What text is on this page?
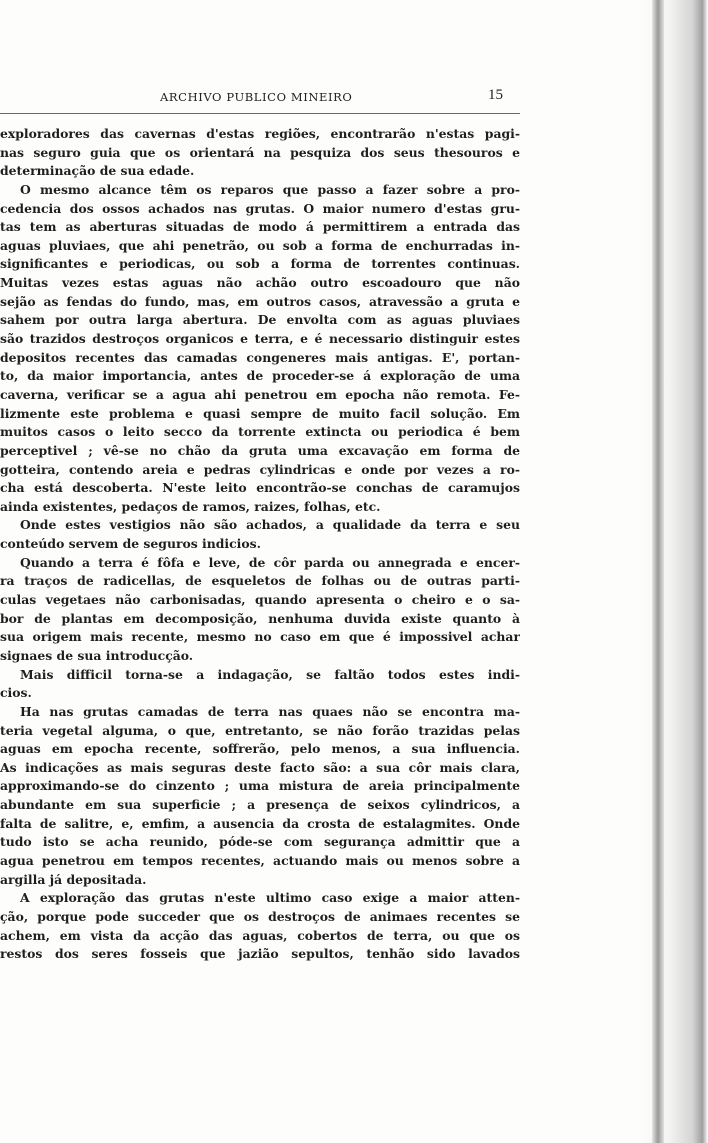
ARCHIVO PUBLICO MINEIRO	15
exploradores das cavernas d'estas regiões, encontrarão n'estas pagi-
nas seguro guia que os orientará na pesquiza dos seus thesouros e
determinação de sua edade.
O mesmo alcance têm os reparos que passo a fazer sobre a pro-
cedencia dos ossos achados nas grutas. O maior numero d'estas gru-
tas tem as aberturas situadas de modo á permittirem a entrada das
aguas pluviaes, que ahi penetrão, ou sob a forma de enchurradas in-
significantes e periodicas, ou sob a forma de torrentes continuas.
Muitas vezes estas aguas não achão outro escoadouro que não
sejão as fendas do fundo, mas, em outros casos, atravessão a gruta e
sahem por outra larga abertura. De envolta com as aguas pluviaes
são trazidos destroços organicos e terra, e é necessario distinguir estes
depositos recentes das camadas congeneres mais antigas. E', portan-
to, da maior importancia, antes de proceder-se á exploração de uma
caverna, verificar se a agua ahi penetrou em epocha não remota. Fe-
lizmente este problema e quasi sempre de muito facil solução. Em
muitos casos o leito secco da torrente extincta ou periodica é bem
perceptivel ; vê-se no chão da gruta uma excavação em forma de
gotteira, contendo areia e pedras cylindricas e onde por vezes a ro-
cha está descoberta. N'este leito encontrão-se conchas de caramujos
ainda existentes, pedaços de ramos, raizes, folhas, etc.
Onde estes vestigios não são achados, a qualidade da terra e seu
conteúdo servem de seguros indicios.
Quando a terra é fôfa e leve, de côr parda ou annegrada e encer-
ra traços de radicellas, de esqueletos de folhas ou de outras parti-
culas vegetaes não carbonisadas, quando apresenta o cheiro e o sa-
bor de plantas em decomposição, nenhuma duvida existe quanto à
sua origem mais recente, mesmo no caso em que é impossivel achar
signaes de sua introducção.
Mais difficil torna-se a indagação, se faltão todos estes indi-
cios.
Ha nas grutas camadas de terra nas quaes não se encontra ma-
teria vegetal alguma, o que, entretanto, se não forão trazidas pelas
aguas em epocha recente, soffrerão, pelo menos, a sua influencia.
As indicações as mais seguras deste facto são: a sua côr mais clara,
approximando-se do cinzento ; uma mistura de areia principalmente
abundante em sua superficie ; a presença de seixos cylindricos, a
falta de salitre, e, emfim, a ausencia da crosta de estalagmites. Onde
tudo isto se acha reunido, póde-se com segurança admittir que a
agua penetrou em tempos recentes, actuando mais ou menos sobre a
argilla já depositada.
A exploração das grutas n'este ultimo caso exige a maior atten-
ção, porque pode succeder que os destroços de animaes recentes se
achem, em vista da acção das aguas, cobertos de terra, ou que os
restos dos seres fosseis que jazião sepultos, tenhão sido lavados
